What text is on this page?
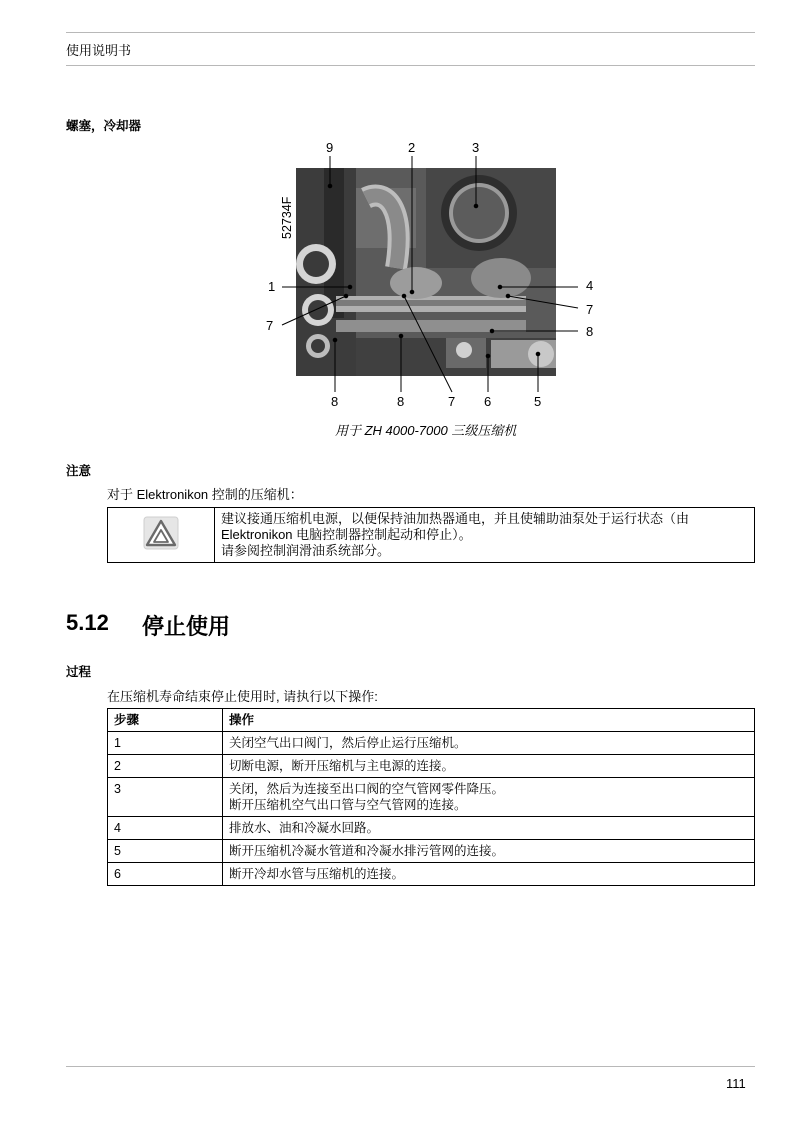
使用说明书
螺塞，冷却器
52734F
9	2	3
1
7
4
7
8
8	8	7 6	5
用于 ZH 4000-7000 三级压缩机
注意
对于 Elektronikon 控制的压缩机：

建议接通压缩机电源，以便保持油加热器通电，并且使辅助油泵处于运行状态（由
Elektronikon 电脑控制器控制起动和停止）。
请参阅控制润滑油系统部分。
5.12 停止使用
过程
在压缩机寿命结束停止使用时, 请执行以下操作:
步骤	操作
1	关闭空气出口阀门，然后停止运行压缩机。

2	切断电源，断开压缩机与主电源的连接。

3	关闭，然后为连接至出口阀的空气管网零件降压。
断开压缩机空气出口管与空气管网的连接。

4	排放水、油和冷凝水回路。

5	断开压缩机冷凝水管道和冷凝水排污管网的连接。

6	断开冷却水管与压缩机的连接。
111
